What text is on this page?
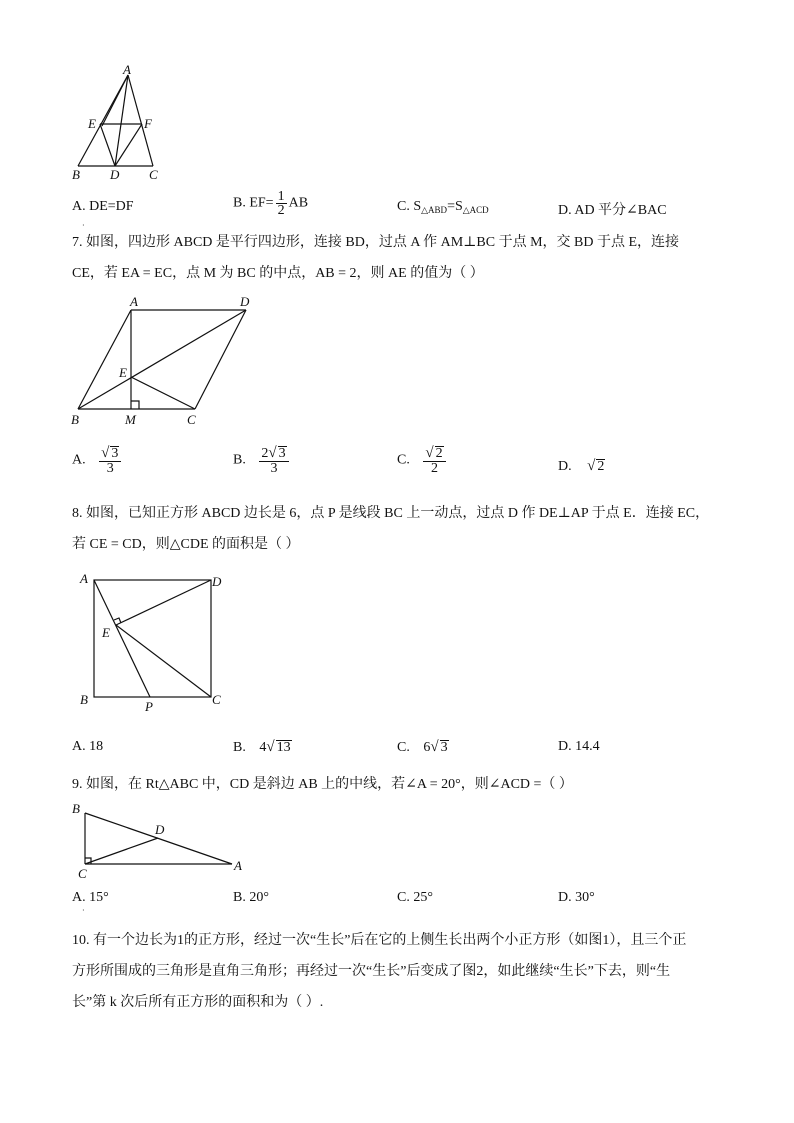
A
E	F
B D C
A. DE=DF
·
B. $EF= \frac{1}{2}$ AB	C. $S_{\triangle ABD}=S_{\triangle ACD}$	D. AD 平分∠BAC
7. 如图，四边形 ABCD 是平行四边形，连接 BD，过点 A 作 AM⊥BC 于点 M，交 BD 于点 E，连接
CE，若 EA = EC，点 M 为 BC 的中点，AB = 2，则 AE 的值为（ ）
A	D
E
B	M	C
A. $\frac{√ 3}{3}$	B. $\frac{2√ 3}{3}$	C. $\frac{√ 2}{2}$	D. √ 2
8. 如图，已知正方形 ABCD 边长是 6，点 P 是线段 BC 上一动点，过点 D 作 DE⊥AP 于点 E．连接 EC，
若 CE = CD，则△CDE 的面积是（ ）
A	D
E
B	P	C
A. 18	B. 4√ 13	C. 6√ 3	D. 14.4
9. 如图，在 Rt△ABC 中，CD 是斜边 AB 上的中线，若∠A = 20°，则∠ACD =（ ）
B
D
A
C
A. 15°
·
B. 20°	C. 25°	D. 30°
10. 有一个边长为1的正方形，经过一次“生长”后在它的上侧生长出两个小正方形（如图1），且三个正
方形所围成的三角形是直角三角形；再经过一次“生长”后变成了图2，如此继续“生长”下去，则“生
长”第 k 次后所有正方形的面积和为（ ）.
